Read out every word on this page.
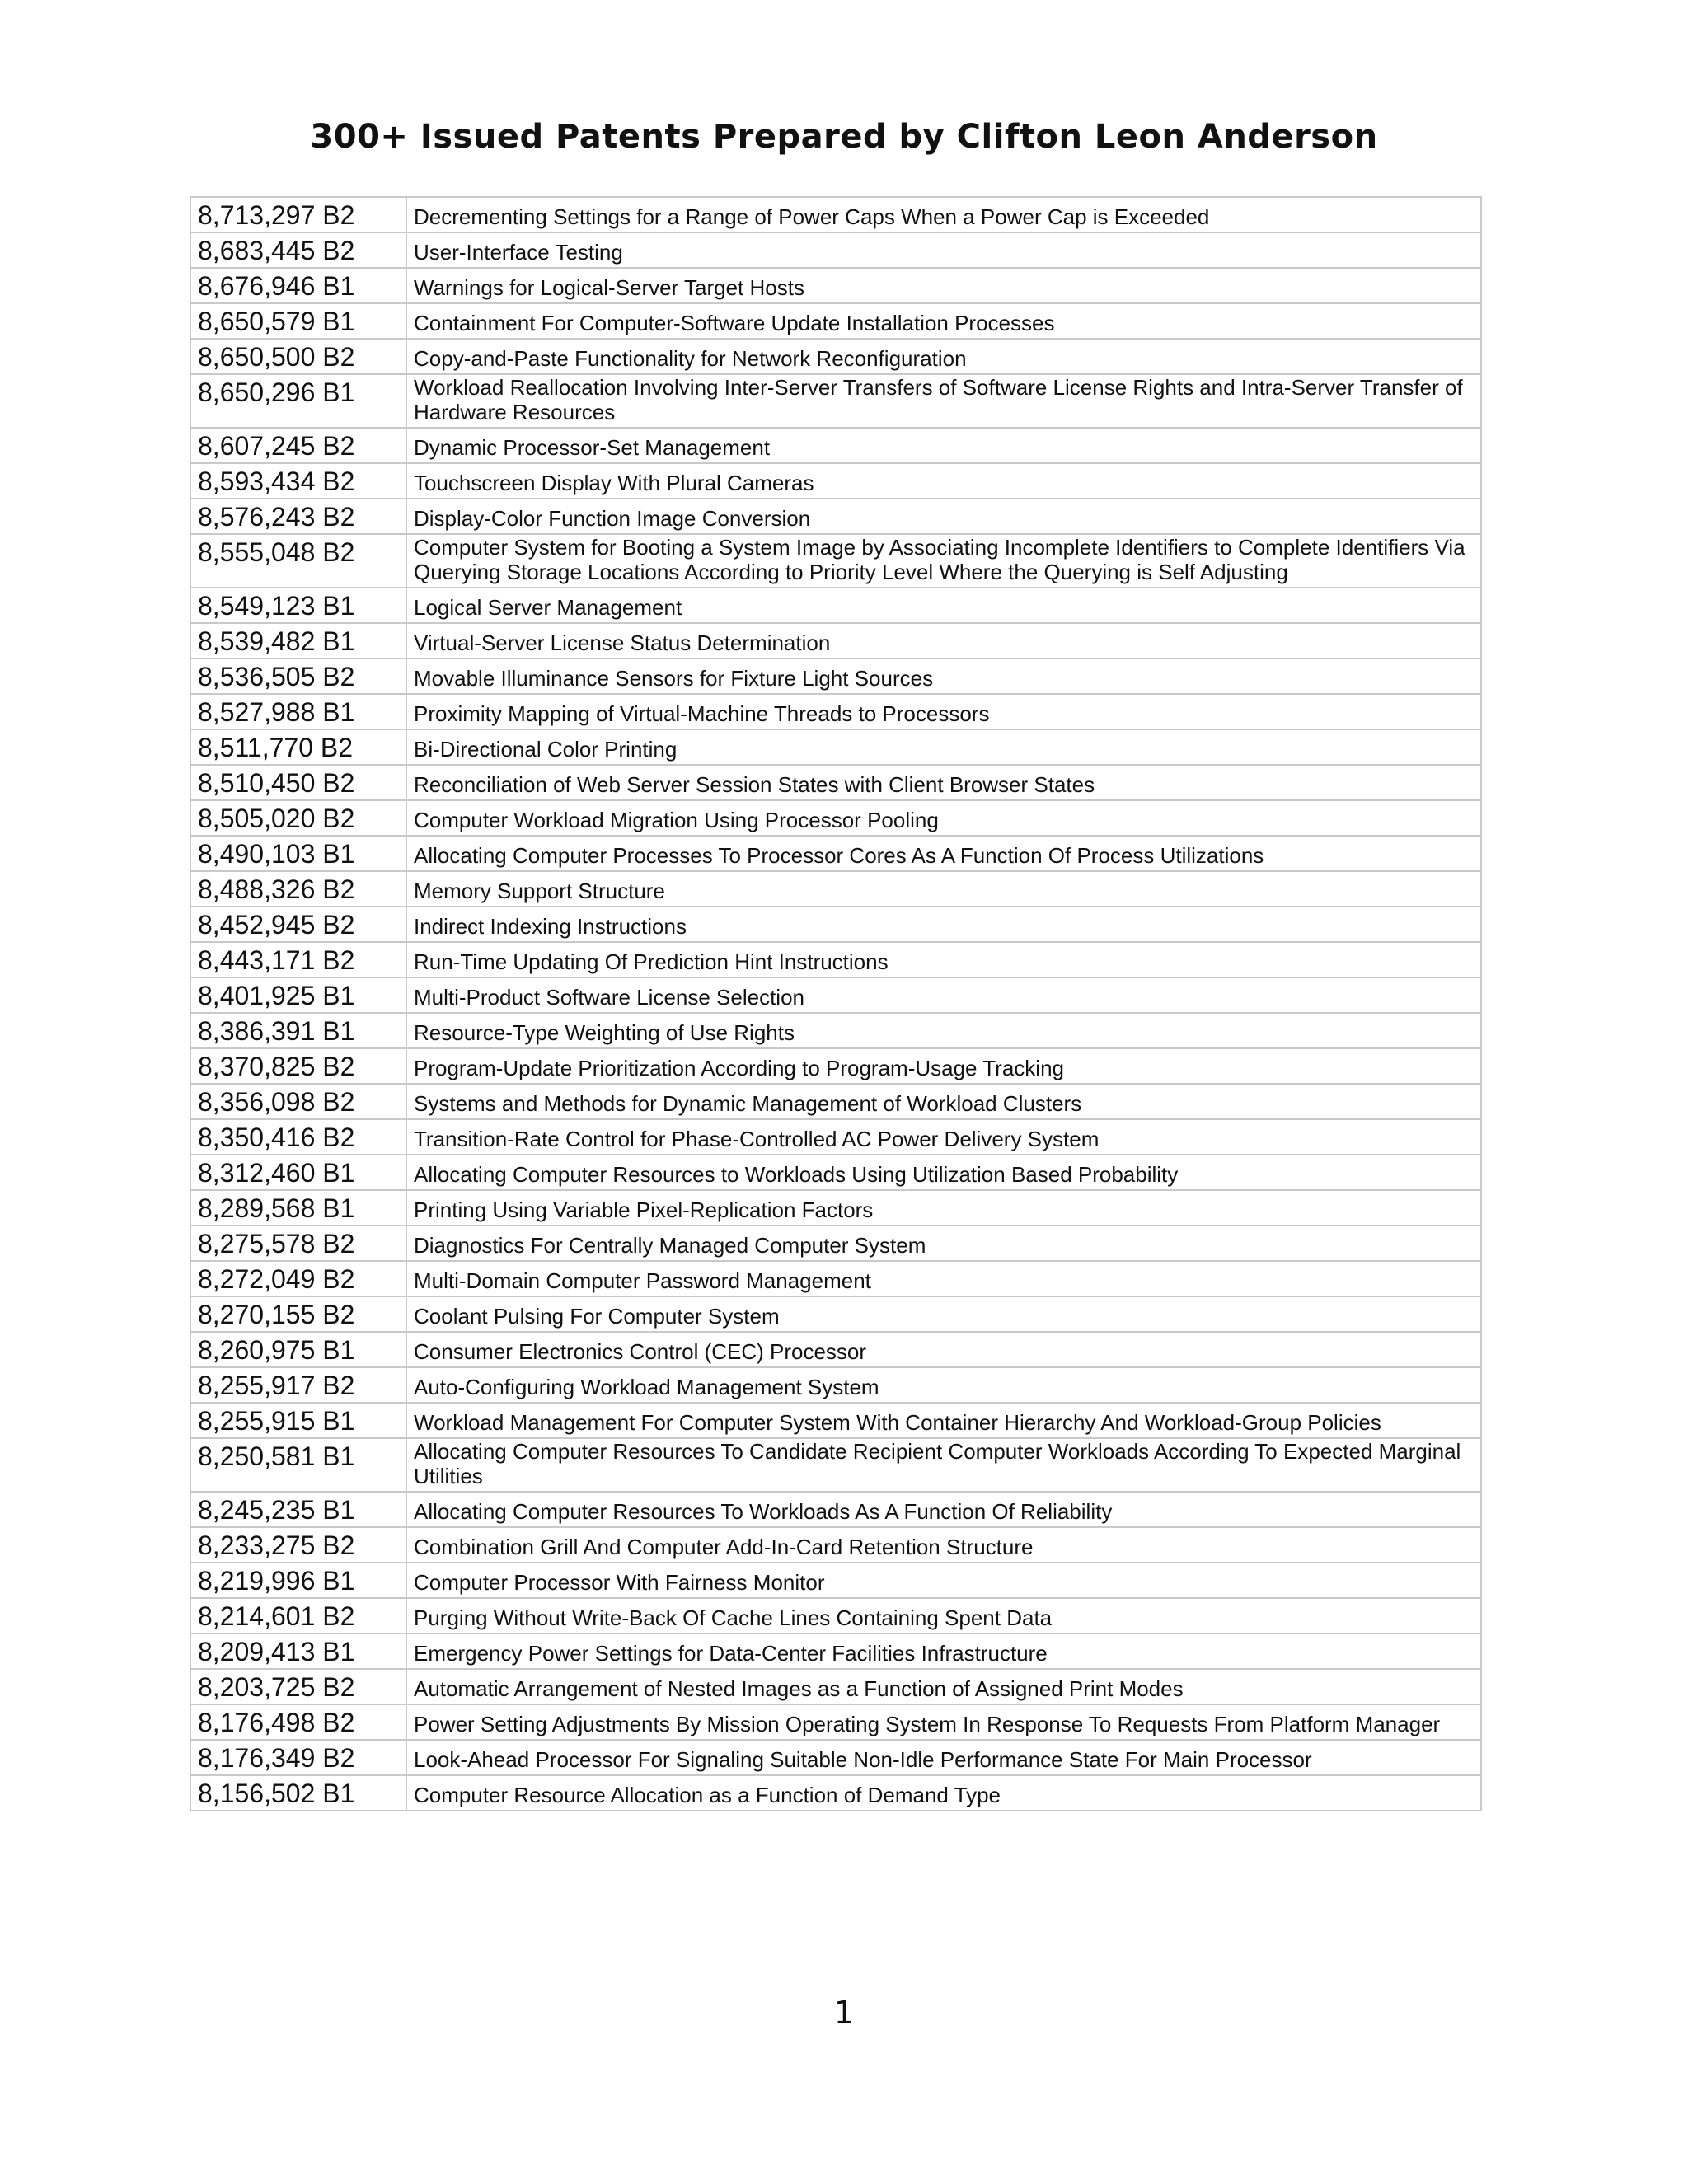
300+ Issued Patents Prepared by Clifton Leon Anderson
8,713,297 B2	Decrementing Settings for a Range of Power Caps When a Power Cap is Exceeded
8,683,445 B2	User-Interface Testing
8,676,946 B1	Warnings for Logical-Server Target Hosts
8,650,579 B1	Containment For Computer-Software Update Installation Processes
8,650,500 B2	Copy-and-Paste Functionality for Network Reconfiguration
8,650,296 B1	Workload Reallocation Involving Inter-Server Transfers of Software License Rights and Intra-Server Transfer of Hardware Resources
8,607,245 B2	Dynamic Processor-Set Management
8,593,434 B2	Touchscreen Display With Plural Cameras
8,576,243 B2	Display-Color Function Image Conversion
8,555,048 B2	Computer System for Booting a System Image by Associating Incomplete Identifiers to Complete Identifiers Via Querying Storage Locations According to Priority Level Where the Querying is Self Adjusting
8,549,123 B1	Logical Server Management
8,539,482 B1	Virtual-Server License Status Determination
8,536,505 B2	Movable Illuminance Sensors for Fixture Light Sources
8,527,988 B1	Proximity Mapping of Virtual-Machine Threads to Processors
8,511,770 B2	Bi-Directional Color Printing
8,510,450 B2	Reconciliation of Web Server Session States with Client Browser States
8,505,020 B2	Computer Workload Migration Using Processor Pooling
8,490,103 B1	Allocating Computer Processes To Processor Cores As A Function Of Process Utilizations
8,488,326 B2	Memory Support Structure
8,452,945 B2	Indirect Indexing Instructions
8,443,171 B2	Run-Time Updating Of Prediction Hint Instructions
8,401,925 B1	Multi-Product Software License Selection
8,386,391 B1	Resource-Type Weighting of Use Rights
8,370,825 B2	Program-Update Prioritization According to Program-Usage Tracking
8,356,098 B2	Systems and Methods for Dynamic Management of Workload Clusters
8,350,416 B2	Transition-Rate Control for Phase-Controlled AC Power Delivery System
8,312,460 B1	Allocating Computer Resources to Workloads Using Utilization Based Probability
8,289,568 B1	Printing Using Variable Pixel-Replication Factors
8,275,578 B2	Diagnostics For Centrally Managed Computer System
8,272,049 B2	Multi-Domain Computer Password Management
8,270,155 B2	Coolant Pulsing For Computer System
8,260,975 B1	Consumer Electronics Control (CEC) Processor
8,255,917 B2	Auto-Configuring Workload Management System
8,255,915 B1	Workload Management For Computer System With Container Hierarchy And Workload-Group Policies
8,250,581 B1	Allocating Computer Resources To Candidate Recipient Computer Workloads According To Expected Marginal Utilities
8,245,235 B1	Allocating Computer Resources To Workloads As A Function Of Reliability
8,233,275 B2	Combination Grill And Computer Add-In-Card Retention Structure
8,219,996 B1	Computer Processor With Fairness Monitor
8,214,601 B2	Purging Without Write-Back Of Cache Lines Containing Spent Data
8,209,413 B1	Emergency Power Settings for Data-Center Facilities Infrastructure
8,203,725 B2	Automatic Arrangement of Nested Images as a Function of Assigned Print Modes
8,176,498 B2	Power Setting Adjustments By Mission Operating System In Response To Requests From Platform Manager
8,176,349 B2	Look-Ahead Processor For Signaling Suitable Non-Idle Performance State For Main Processor
8,156,502 B1	Computer Resource Allocation as a Function of Demand Type
1
